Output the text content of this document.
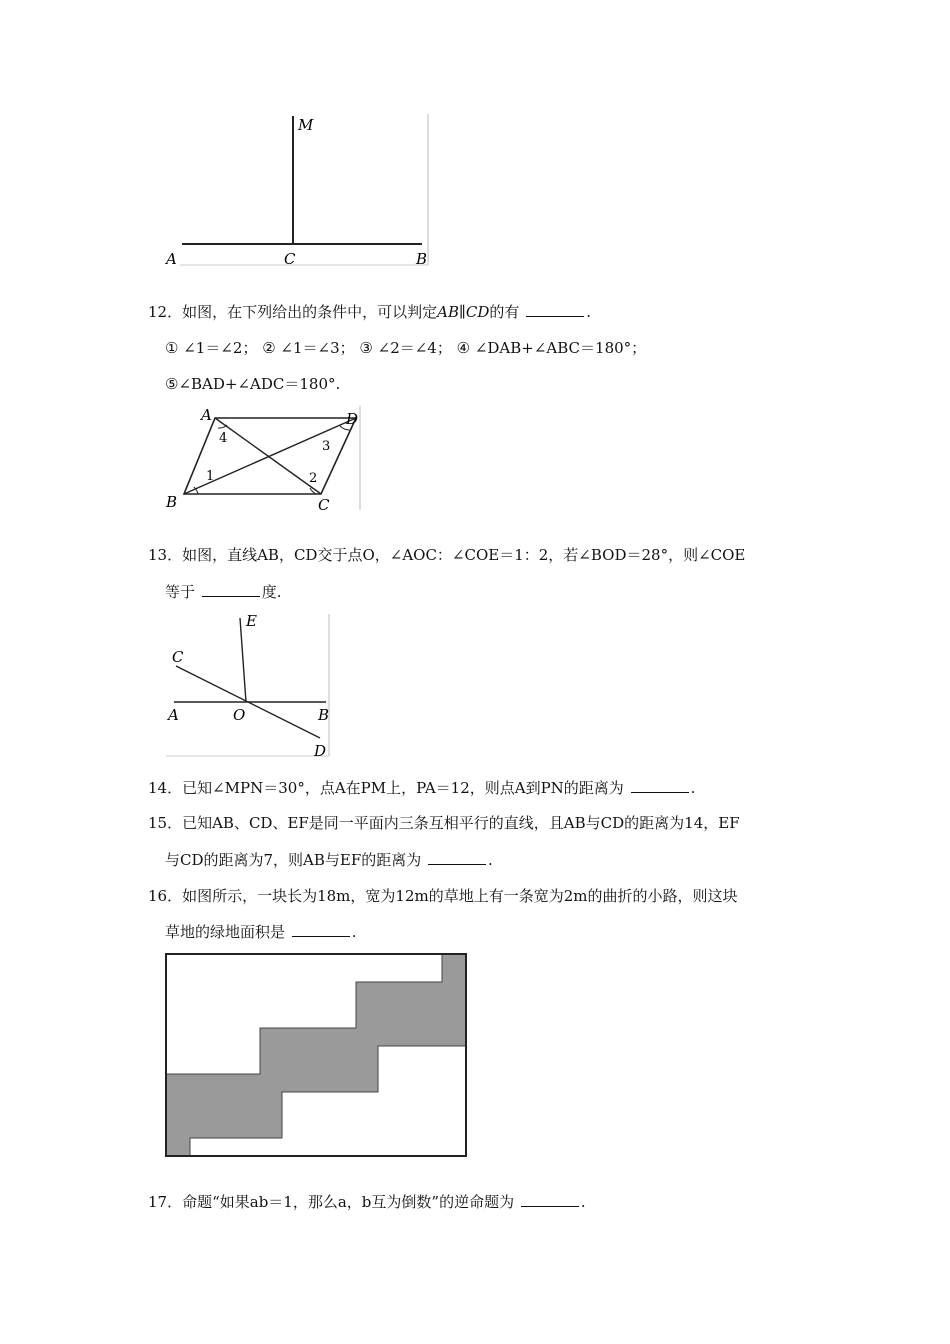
M
A	C	B
12．如图，在下列给出的条件中，可以判定AB∥CD的有	.
① ∠1＝∠2； ② ∠1＝∠3； ③ ∠2＝∠4； ④ ∠DAB+∠ABC＝180°；
⑤∠BAD+∠ADC＝180°.
A	D
B	C
4
3
1	2
13．如图，直线AB，CD交于点O，∠AOC：∠COE＝1：2，若∠BOD＝28°，则∠COE
等于	度.
E
C
A	O	B
D
14．已知∠MPN＝30°，点A在PM上，PA＝12，则点A到PN的距离为	.
15．已知AB、CD、EF是同一平面内三条互相平行的直线，且AB与CD的距离为14，EF
与CD的距离为7，则AB与EF的距离为	.
16．如图所示，一块长为18m，宽为12m的草地上有一条宽为2m的曲折的小路，则这块
草地的绿地面积是	.
17．命题“如果ab＝1，那么a，b互为倒数”的逆命题为	.
